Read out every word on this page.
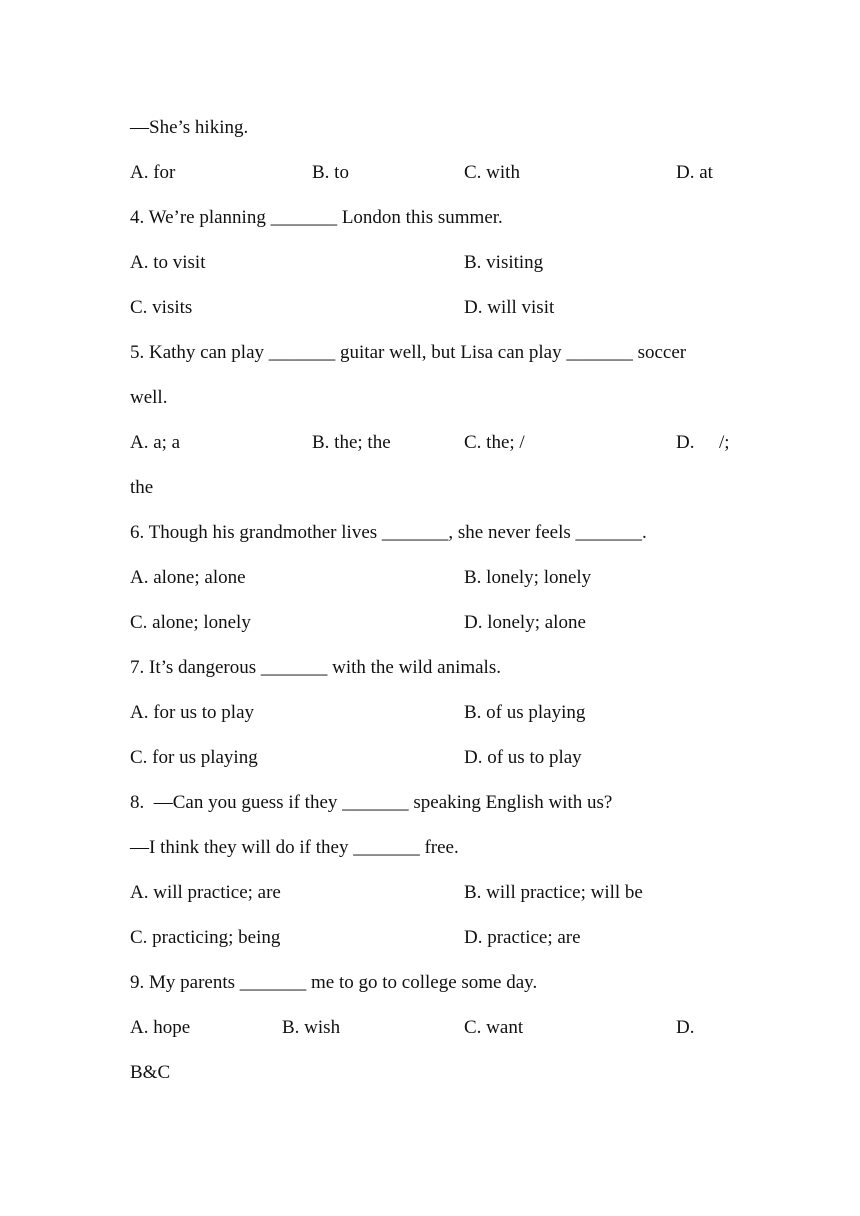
—She’s hiking.
A. for	B. to	C. with	D. at
4. We’re planning _______ London this summer.
A. to visit	B. visiting
C. visits	D. will visit
5. Kathy can play _______ guitar well, but Lisa can play _______ soccer
well.
A. a; a	B. the; the	C. the; /	D. /;
the
6. Though his grandmother lives _______, she never feels _______.
A. alone; alone	B. lonely; lonely
C. alone; lonely	D. lonely; alone
7. It’s dangerous _______ with the wild animals.
A. for us to play	B. of us playing
C. for us playing	D. of us to play
8.  —Can you guess if they _______ speaking English with us?
—I think they will do if they _______ free.
A. will practice; are	B. will practice; will be
C. practicing; being	D. practice; are
9. My parents _______ me to go to college some day.
A. hope	B. wish	C. want	D.
B&C
